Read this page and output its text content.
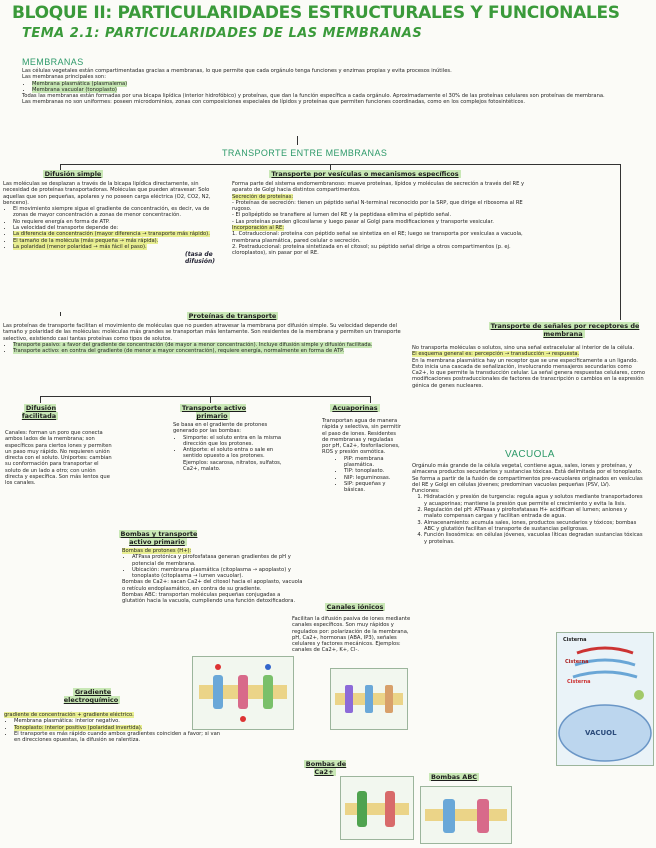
BLOQUE II: PARTICULARIDADES ESTRUCTURALES Y FUNCIONALES
TEMA 2.1: PARTICULARIDADES DE LAS MEMBRANAS
MEMBRANAS

Las células vegetales están compartimentadas gracias a membranas, lo que permite que cada orgánulo tenga funciones y enzimas propias y evita procesos inútiles.

Las membranas principales son:

• Membrana plasmática (plasmalema)
• Membrana vacuolar (tonoplasto)

Todas las membranas están formadas por una bicapa lipídica (interior hidrofóbico) y proteínas, que dan la función específica a cada orgánulo. Aproximadamente el 30% de las proteínas celulares son proteínas de membrana.

Las membranas no son uniformes: poseen microdominios, zonas con composiciones especiales de lípidos y proteínas que permiten funciones coordinadas, como en los complejos fotosintéticos.

TRANSPORTE ENTRE MEMBRANAS
Difusión simple

Las moléculas se desplazan a través de la bicapa lipídica directamente, sin necesidad de proteínas transportadoras. Moléculas que pueden atravesar: Solo aquellas que son pequeñas, apolares y no poseen carga eléctrica (O2, CO2, N2, benceno).

• El movimiento siempre sigue el gradiente de concentración, es decir, va de zonas de mayor concentración a zonas de menor concentración.
• No requiere energía en forma de ATP.
• La velocidad del transporte depende de:
• La diferencia de concentración (mayor diferencia → transporte más rápido).
• El tamaño de la molécula (más pequeña → más rápida).
• La polaridad (menor polaridad → más fácil el paso).
(tasa de difusión)
Transporte por vesículas o mecanismos específicos

Forma parte del sistema endomembranoso: mueve proteínas, lípidos y moléculas de secreción a través del RE y aparato de Golgi hacia distintos compartimentos.

Secreción de proteínas:

- Proteínas de secreción: tienen un péptido señal N-terminal reconocido por la SRP, que dirige el ribosoma al RE rugoso.

- El polipéptido se transfiere al lumen del RE y la peptidasa elimina el péptido señal.

- Las proteínas pueden glicosilarse y luego pasar al Golgi para modificaciones y transporte vesicular.

Incorporación al RE:

1. Cotraduccional: proteína con péptido señal se sintetiza en el RE; luego se transporta por vesículas a vacuola, membrana plasmática, pared celular o secreción.

2. Postraduccional: proteína sintetizada en el citosol; su péptido señal dirige a otros compartimentos (p. ej. cloroplastos), sin pasar por el RE.

Proteínas de transporte

Las proteínas de transporte facilitan el movimiento de moléculas que no pueden atravesar la membrana por difusión simple. Su velocidad depende del tamaño y polaridad de las moléculas: moléculas más grandes se transportan más lentamente. Son residentes de la membrana y permiten un transporte selectivo, existiendo casi tantas proteínas como tipos de solutos.

• Transporte pasivo: a favor del gradiente de concentración (de mayor a menor concentración). Incluye difusión simple y difusión facilitada.
• Transporte activo: en contra del gradiente (de menor a mayor concentración), requiere energía, normalmente en forma de ATP.
Transporte de señales por receptores de membrana

No transporta moléculas o solutos, sino una señal extracelular al interior de la célula.

El esquema general es: percepción → transducción → respuesta.

En la membrana plasmática hay un receptor que se une específicamente a un ligando. Esto inicia una cascada de señalización, involucrando mensajeros secundarios como Ca2+, lo que permite la transducción celular. La señal genera respuestas celulares, como modificaciones postraduccionales de factores de transcripción o cambios en la expresión génica de genes nucleares.

Difusión facilitada

Canales: forman un poro que conecta ambos lados de la membrana; son específicos para ciertos iones y permiten un paso muy rápido. No requieren unión directa con el soluto. Uniportes: cambian su conformación para transportar el soluto de un lado a otro; con unión directa y específica. Son más lentos que los canales.

Transporte activo primario

Se basa en el gradiente de protones generado por las bombas:

• Simporte: el soluto entra en la misma dirección que los protones.
• Antiporte: el soluto entra o sale en sentido opuesto a los protones. Ejemplos: sacarosa, nitratos, sulfatos, Ca2+, malato.
Acuaporinas

Transportan agua de manera rápida y selectiva, sin permitir el paso de iones. Residentes de membranas y reguladas por pH, Ca2+, fosforilaciones, ROS y presión osmótica.

• PIP: membrana plasmática.
• TIP: tonoplasto.
• NIP: leguminosas.
• SIP: pequeñas y básicas.
Bombas y transporte activo primario

Bombas de protones (H+):

• ATPasa protónica y pirofosfatasa generan gradientes de pH y potencial de membrana.
• Ubicación: membrana plasmática (citoplasma → apoplasto) y tonoplasto (citoplasma → lumen vacuolar).

Bombas de Ca2+: sacan Ca2+ del citosol hacia el apoplasto, vacuola o retículo endoplasmático, en contra de su gradiente.

Bombas ABC: transportan moléculas pequeñas conjugadas a glutatión hacia la vacuola, cumpliendo una función detoxificadora.

Canales iónicos

Facilitan la difusión pasiva de iones mediante canales específicos. Son muy rápidos y regulados por: polarización de la membrana, pH, Ca2+, hormonas (ABA, IP3), señales celulares y factores mecánicos. Ejemplos: canales de Ca2+, K+, Cl-.

Gradiente electroquímico

gradiente de concentración + gradiente eléctrico.

• Membrana plasmática: interior negativo.
• Tonoplasto: interior positivo (polaridad invertida).
• El transporte es más rápido cuando ambos gradientes coinciden a favor; si van en direcciones opuestas, la difusión se ralentiza.
VACUOLA

Orgánulo más grande de la célula vegetal, contiene agua, sales, iones y proteínas, y almacena productos secundarios y sustancias tóxicas. Está delimitada por el tonoplasto. Se forma a partir de la fusión de compartimentos pre-vacuolares originados en vesículas del RE y Golgi en células jóvenes; predominan vacuolas pequeñas (PSV, LV).

Funciones:

1. Hidratación y presión de turgencia: regula agua y solutos mediante transportadores y acuaporinas; mantiene la presión que permite el crecimiento y evita la lisis.
2. Regulación del pH: ATPasas y pirofosfatasas H+ acidifican el lumen; aniones y malato compensan cargas y facilitan entrada de agua.
3. Almacenamiento: acumula sales, iones, productos secundarios y tóxicos; bombas ABC y glutatión facilitan el transporte de sustancias peligrosas.
4. Función lisosómica: en células jóvenes, vacuolas líticas degradan sustancias tóxicas y proteínas.
Bombas de Ca2+
Bombas ABC
Cisterna
Cisterna
Cisterna
VACUOL
